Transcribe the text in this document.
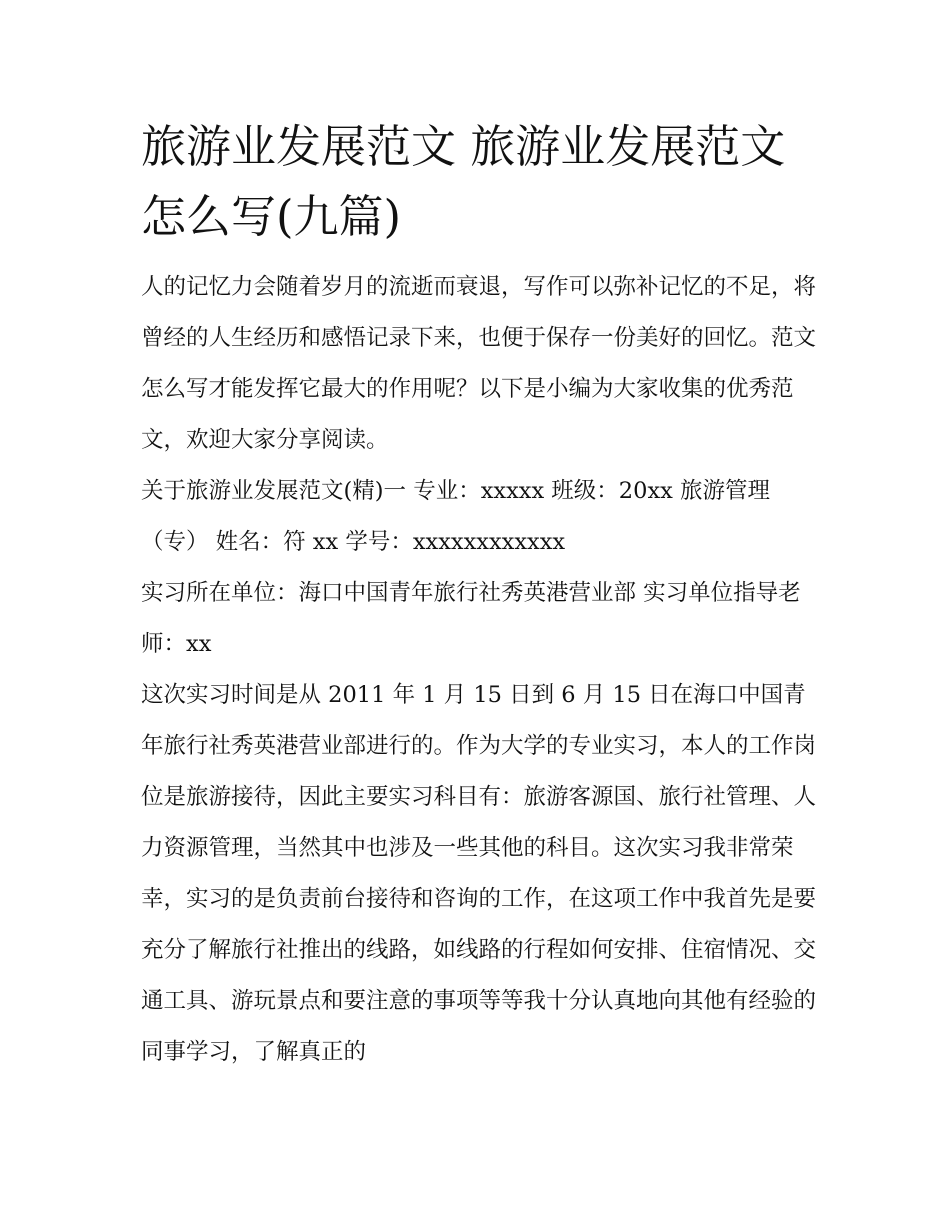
旅游业发展范文 旅游业发展范文怎么写(九篇)

人的记忆力会随着岁月的流逝而衰退，写作可以弥补记忆的不足，将曾经的人生经历和感悟记录下来，也便于保存一份美好的回忆。范文怎么写才能发挥它最大的作用呢？以下是小编为大家收集的优秀范文，欢迎大家分享阅读。

关于旅游业发展范文(精)一 专业：xxxxx 班级：20xx 旅游管理（专） 姓名：符 xx 学号：xxxxxxxxxxxx

实习所在单位：海口中国青年旅行社秀英港营业部 实习单位指导老师：xx

这次实习时间是从 2011 年 1 月 15 日到 6 月 15 日在海口中国青年旅行社秀英港营业部进行的。作为大学的专业实习，本人的工作岗位是旅游接待，因此主要实习科目有：旅游客源国、旅行社管理、人力资源管理，当然其中也涉及一些其他的科目。这次实习我非常荣幸，实习的是负责前台接待和咨询的工作，在这项工作中我首先是要充分了解旅行社推出的线路，如线路的行程如何安排、住宿情况、交通工具、游玩景点和要注意的事项等等我十分认真地向其他有经验的同事学习，了解真正的
